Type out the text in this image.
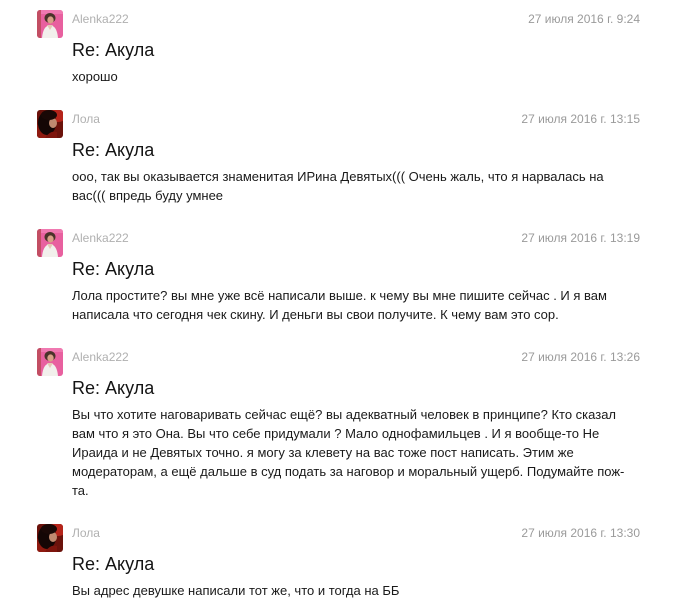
Alenka222	27 июля 2016 г. 9:24
Re: Акула

хорошо

Лола	27 июля 2016 г. 13:15
Re: Акула

ооо, так вы оказывается знаменитая ИРина Девятых((( Очень жаль, что я нарвалась на вас((( впредь буду умнее

Alenka222	27 июля 2016 г. 13:19
Re: Акула

Лола простите? вы мне уже всё написали выше. к чему вы мне пишите сейчас . И я вам написала что сегодня чек скину. И деньги вы свои получите. К чему вам это сор.

Alenka222	27 июля 2016 г. 13:26
Re: Акула

Вы что хотите наговаривать сейчас ещё? вы адекватный человек в принципе? Кто сказал вам что я это Она. Вы что себе придумали ? Мало однофамильцев . И я вообще-то Не Ираида и не Девятых точно. я могу за клевету на вас тоже пост написать. Этим же модераторам, а ещё дальше в суд подать за наговор и моральный ущерб. Подумайте пож-та.

Лола	27 июля 2016 г. 13:30
Re: Акула

Вы адрес девушке написали тот же, что и тогда на ББ
